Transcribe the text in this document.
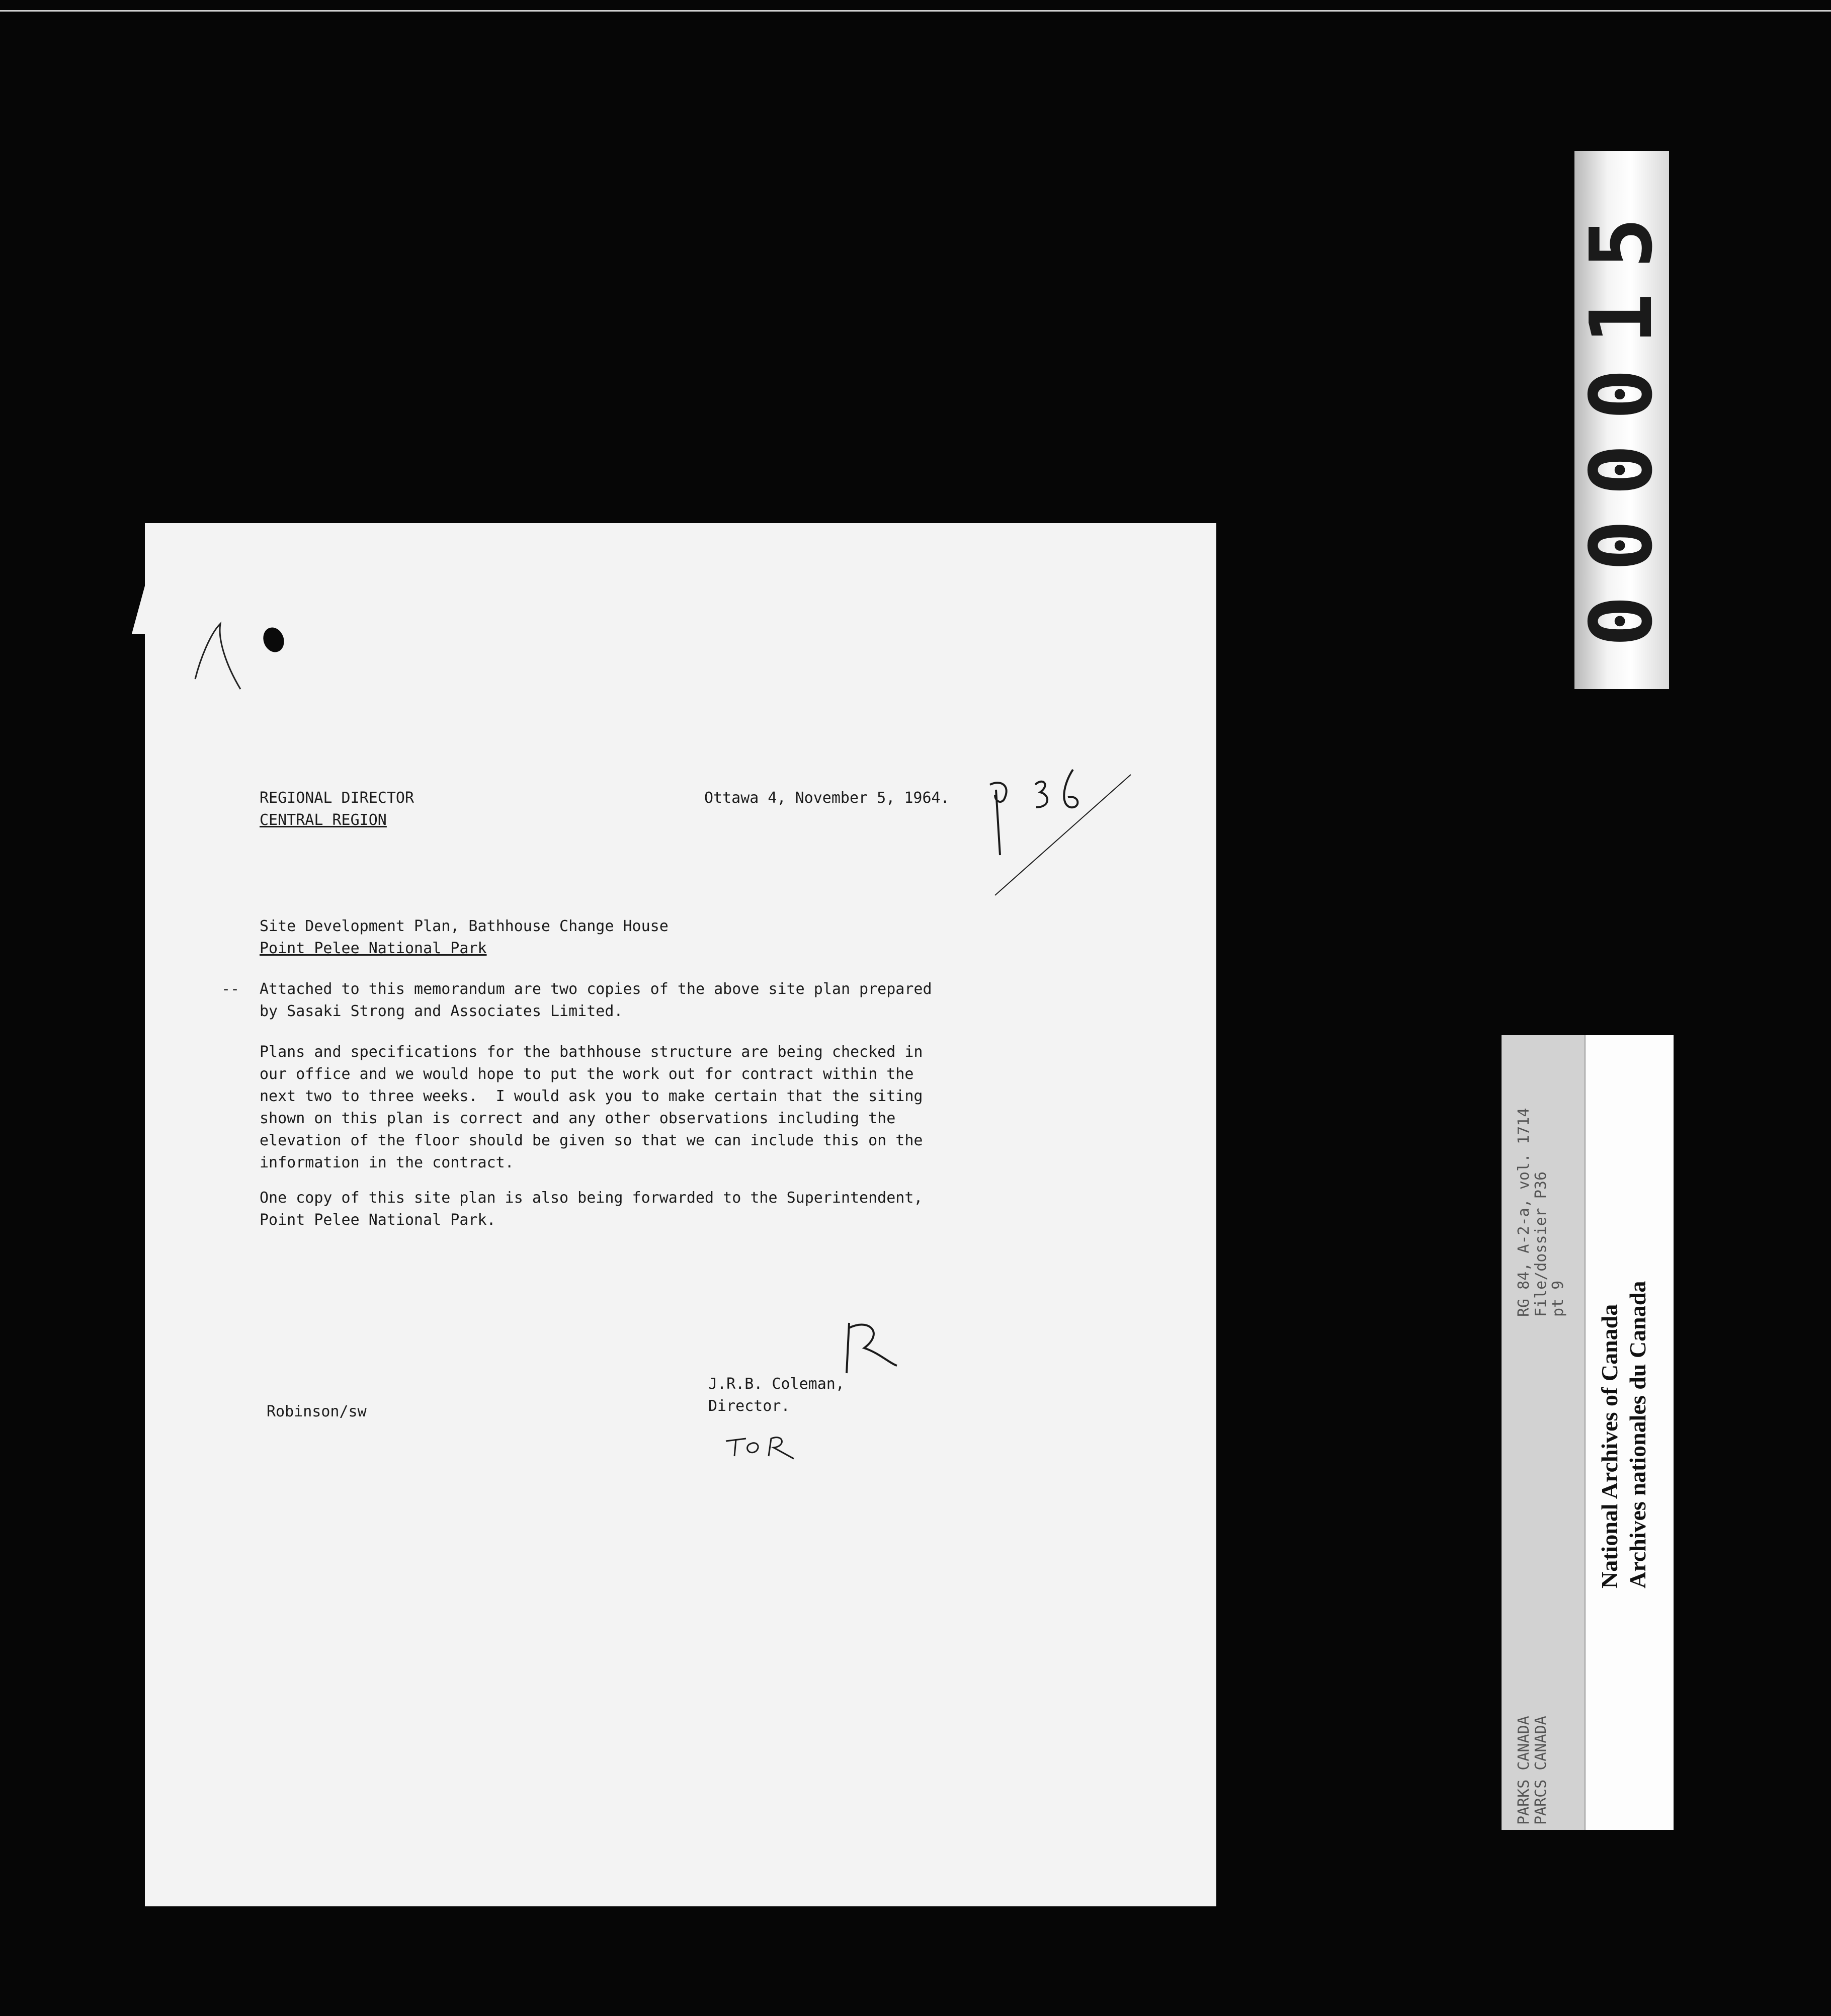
000015
PARKS CANADA PARCS CANADA
RG 84, A-2-a, vol. 1714 File/dossier P36 pt 9
National Archives of Canada Archives nationales du Canada
REGIONAL DIRECTOR
CENTRAL REGION
Ottawa 4, November 5, 1964.
Site Development Plan, Bathhouse Change House
Point Pelee National Park
-- Attached to this memorandum are two copies of the above site plan prepared
by Sasaki Strong and Associates Limited.
Plans and specifications for the bathhouse structure are being checked in
our office and we would hope to put the work out for contract within the
next two to three weeks.  I would ask you to make certain that the siting
shown on this plan is correct and any other observations including the
elevation of the floor should be given so that we can include this on the
information in the contract.
One copy of this site plan is also being forwarded to the Superintendent,
Point Pelee National Park.
J.R.B. Coleman,
Director.
Robinson/sw
